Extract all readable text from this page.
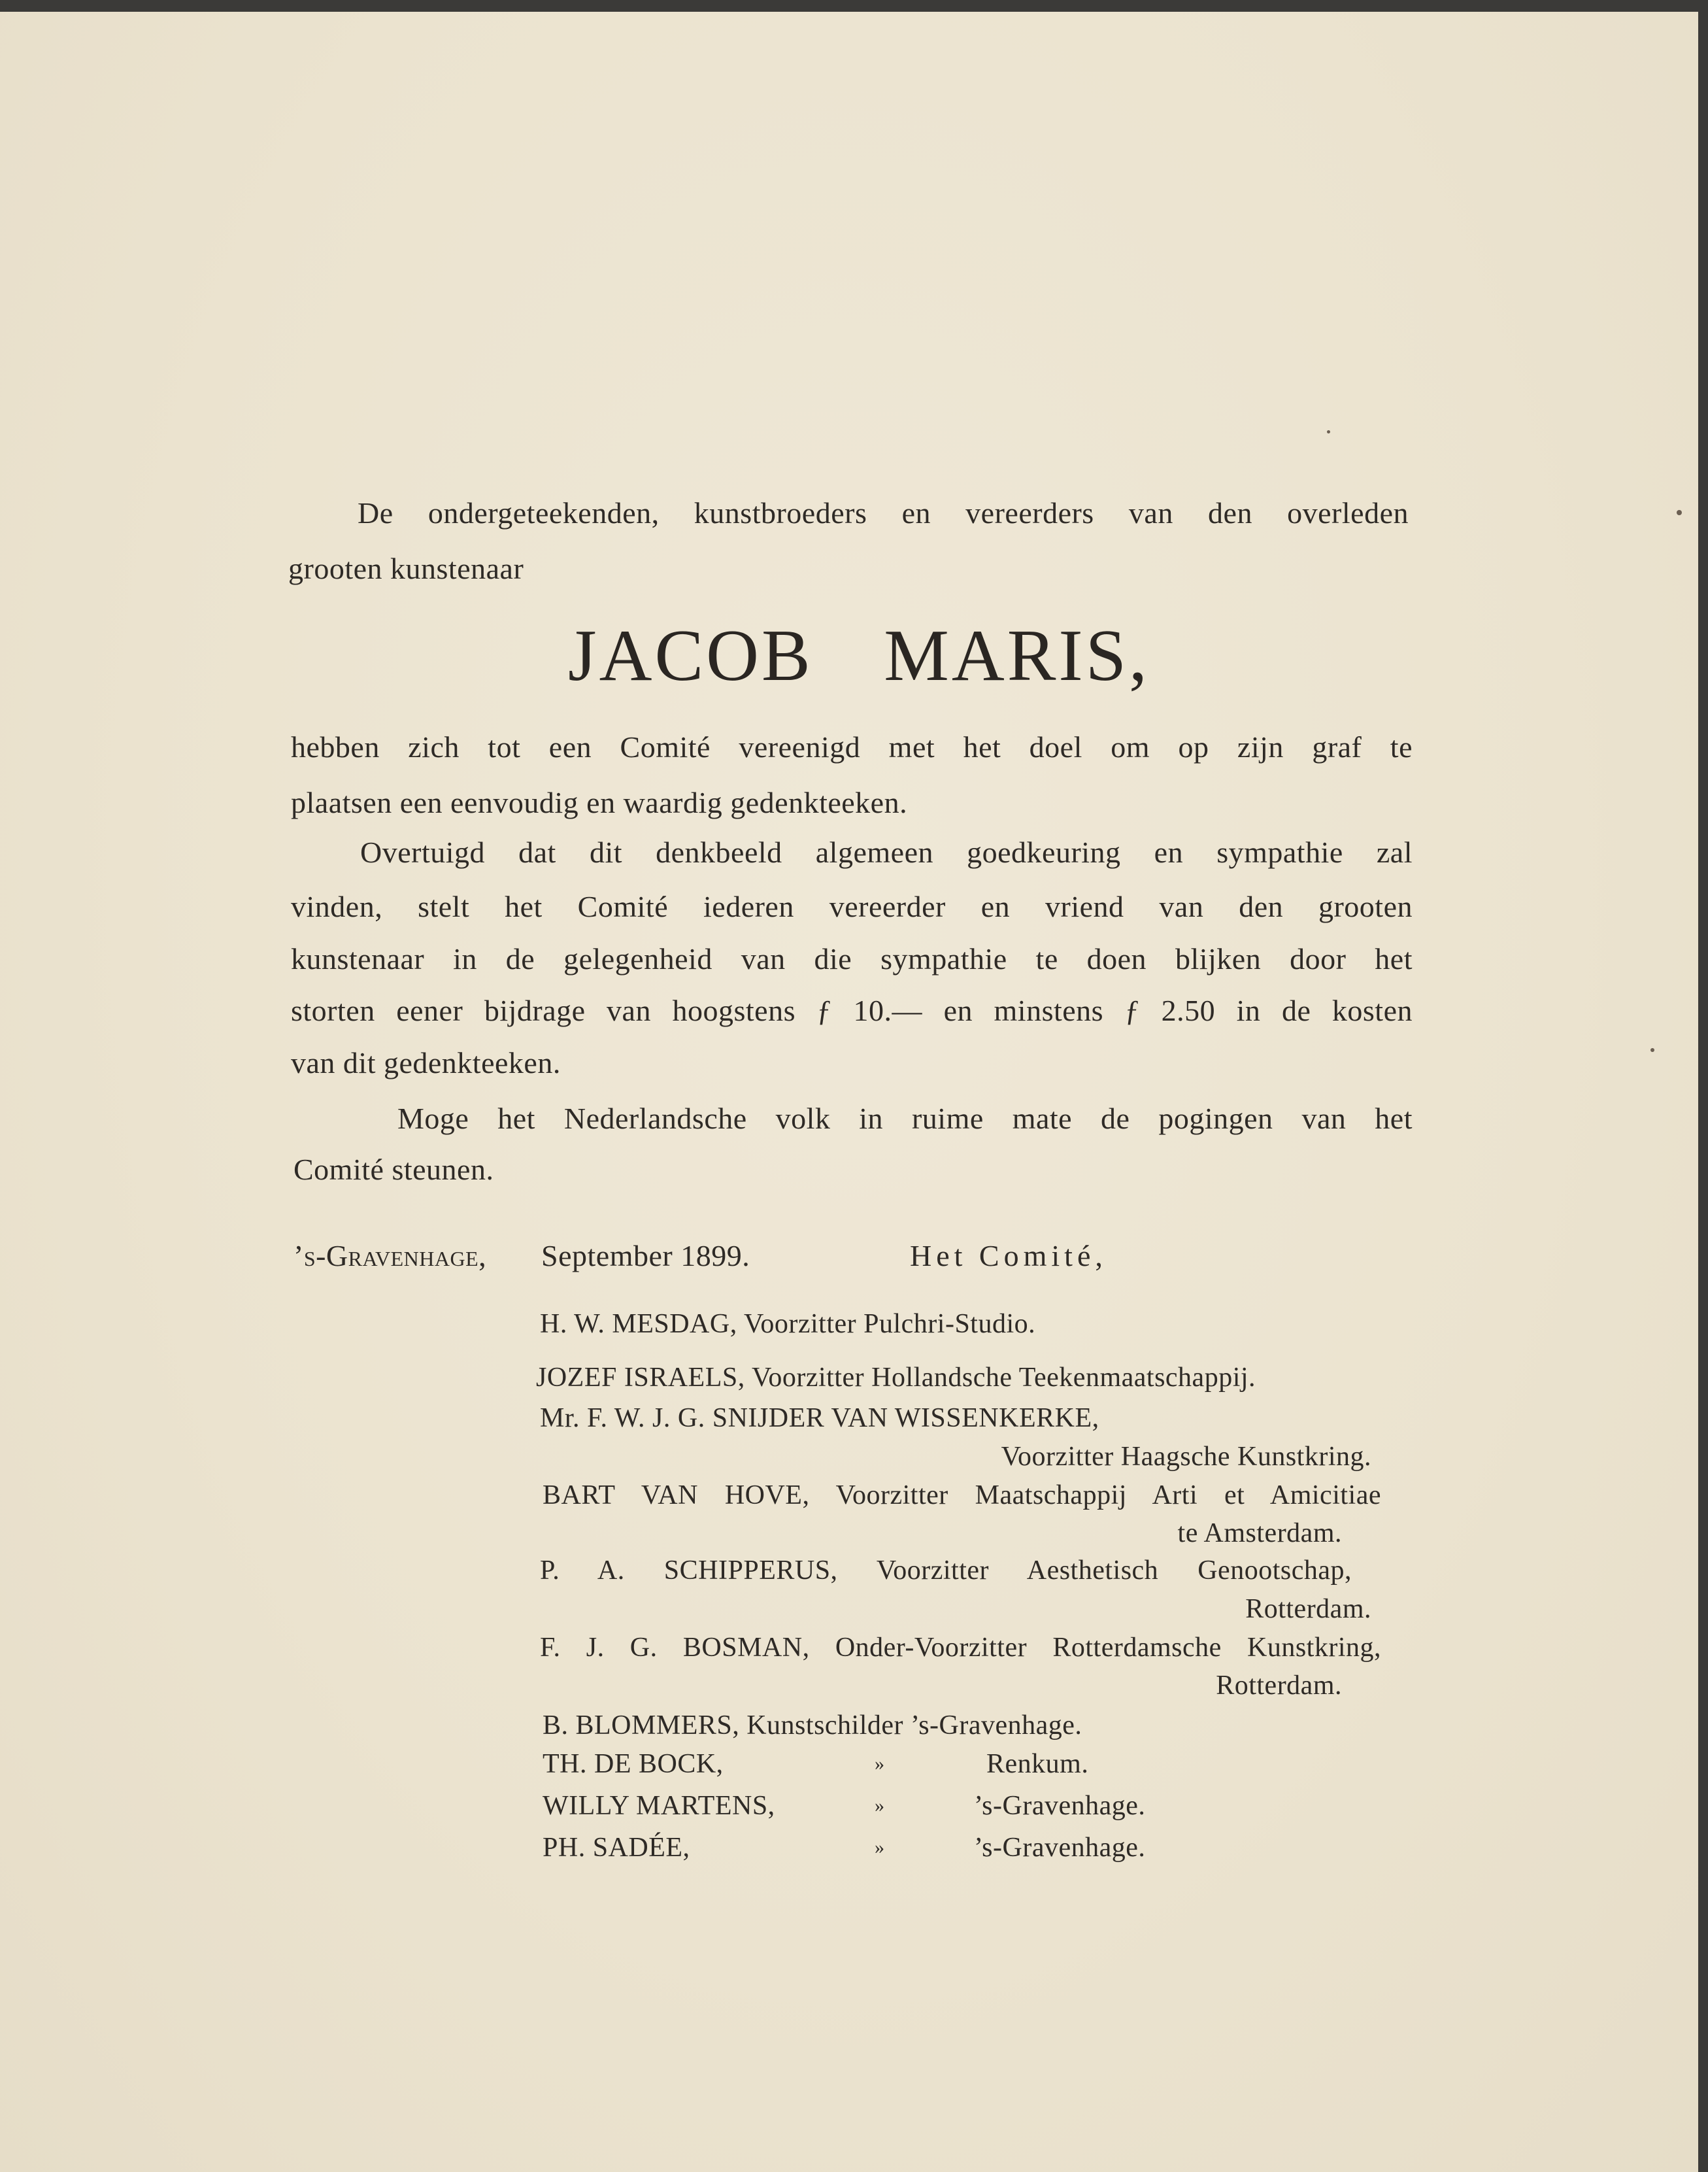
De ondergeteekenden, kunstbroeders en vereerders van den overleden
grooten kunstenaar
JACOB MARIS,
hebben zich tot een Comité vereenigd met het doel om op zijn graf te
plaatsen een eenvoudig en waardig gedenkteeken.
Overtuigd dat dit denkbeeld algemeen goedkeuring en sympathie zal
vinden, stelt het Comité iederen vereerder en vriend van den grooten
kunstenaar in de gelegenheid van die sympathie te doen blijken door het
storten eener bijdrage van hoogstens ƒ 10.— en minstens ƒ 2.50 in de kosten
van dit gedenkteeken.
Moge het Nederlandsche volk in ruime mate de pogingen van het
Comité steunen.
’s-Gravenhage, September 1899.	Het Comité,
H. W. MESDAG, Voorzitter Pulchri-Studio.
JOZEF ISRAELS, Voorzitter Hollandsche Teekenmaatschappij.
Mr. F. W. J. G. SNIJDER VAN WISSENKERKE,
Voorzitter Haagsche Kunstkring.
BART VAN HOVE, Voorzitter Maatschappij Arti et Amicitiae
te Amsterdam.
P. A. SCHIPPERUS, Voorzitter Aesthetisch Genootschap,
Rotterdam.
F. J. G. BOSMAN, Onder-Voorzitter Rotterdamsche Kunstkring,
Rotterdam.
B. BLOMMERS, Kunstschilder ’s-Gravenhage.
TH. DE BOCK,	»	Renkum.
WILLY MARTENS,	»	’s-Gravenhage.
PH. SADÉE,	»	’s-Gravenhage.
